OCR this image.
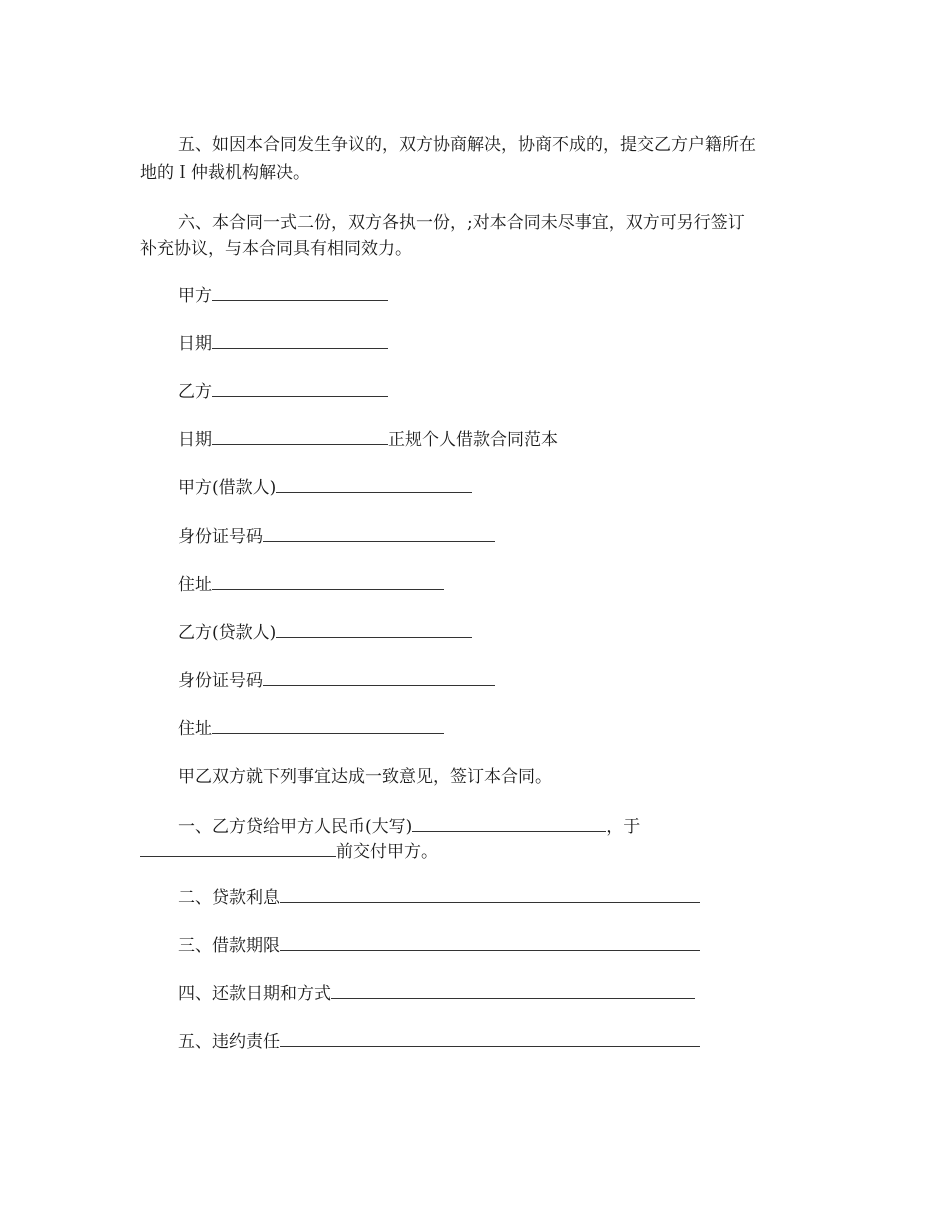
五、如因本合同发生争议的，双方协商解决，协商不成的，提交乙方户籍所在
地的Ｉ仲裁机构解决。
六、本合同一式二份，双方各执一份，;对本合同未尽事宜，双方可另行签订
补充协议，与本合同具有相同效力。
甲方
日期
乙方
日期	正规个人借款合同范本
甲方(借款人)
身份证号码
住址
乙方(贷款人)
身份证号码
住址
甲乙双方就下列事宜达成一致意见，签订本合同。
一、乙方贷给甲方人民币(大写)	，于
前交付甲方。
二、贷款利息
三、借款期限
四、还款日期和方式
五、违约责任
